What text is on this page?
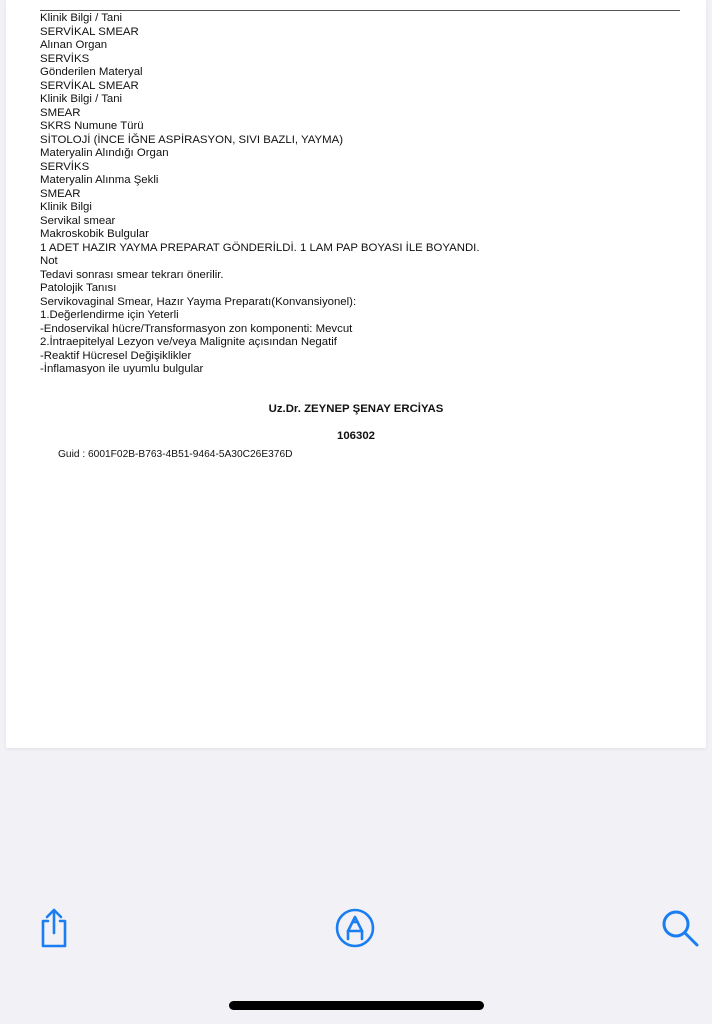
Klinik Bilgi / Tani
SERVİKAL SMEAR
Alınan Organ
SERVİKS
Gönderilen Materyal
SERVİKAL SMEAR
Klinik Bilgi / Tani
SMEAR
SKRS Numune Türü
SİTOLOJİ (İNCE İĞNE ASPİRASYON, SIVI BAZLI, YAYMA)
Materyalin Alındığı Organ
SERVİKS
Materyalin Alınma Şekli
SMEAR
Klinik Bilgi
Servikal smear
Makroskobik Bulgular
1 ADET HAZIR YAYMA PREPARAT GÖNDERİLDİ. 1 LAM PAP BOYASI İLE BOYANDI.
Not
Tedavi sonrası smear tekrarı önerilir.
Patolojik Tanısı
Servikovaginal Smear, Hazır Yayma Preparatı(Konvansiyonel):
1.Değerlendirme için Yeterli
-Endoservikal hücre/Transformasyon zon komponenti: Mevcut
2.İntraepitelyal Lezyon ve/veya Malignite açısından Negatif
-Reaktif Hücresel Değişiklikler
-İnflamasyon ile uyumlu bulgular
Uz.Dr. ZEYNEP ŞENAY ERCİYAS
106302
Guid : 6001F02B-B763-4B51-9464-5A30C26E376D
